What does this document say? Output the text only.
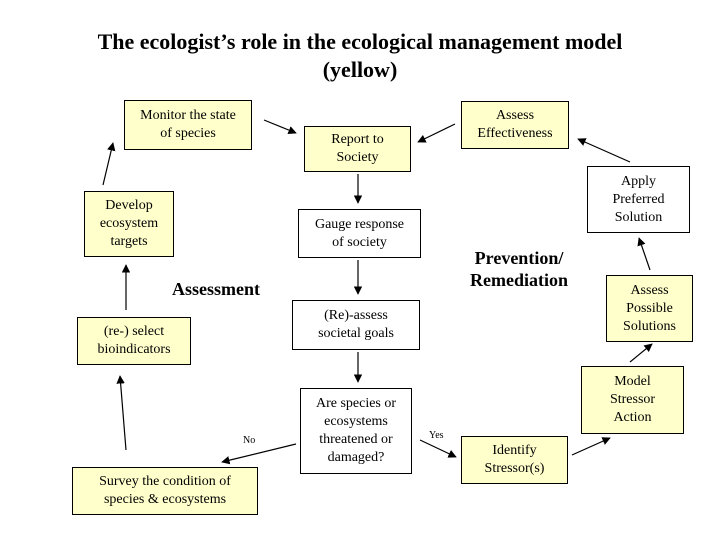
The ecologist’s role in the ecological management model
(yellow)
Monitor the state
of species	Report to
Society
Assess
Effectiveness
Develop
ecosystem
targets
Apply
Preferred
Solution
Gauge response
of society
(Re)-assess
societal goals
(re-) select
bioindicators
Assess
Possible
Solutions
Model
Stressor
Action
Are species or
ecosystems
threatened or
damaged?	Identify
Stressor(s)
Survey the condition of
species & ecosystems
Assessment
Prevention/
Remediation
No	Yes
